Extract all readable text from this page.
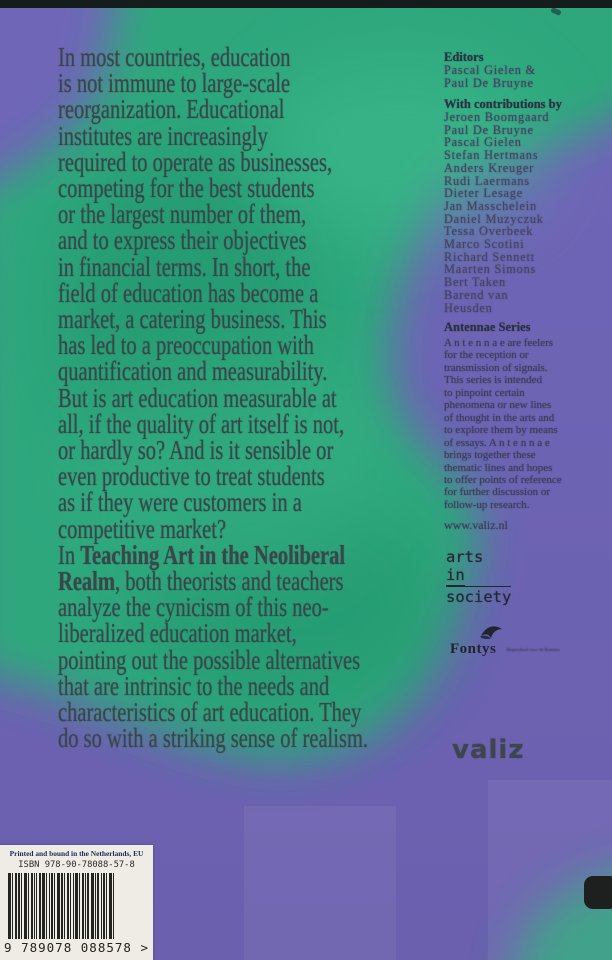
In most countries, education
is not immune to large-scale
reorganization. Educational
institutes are increasingly
required to operate as businesses,
competing for the best students
or the largest number of them,
and to express their objectives
in financial terms. In short, the
field of education has become a
market, a catering business. This
has led to a preoccupation with
quantification and measurability.
But is art education measurable at
all, if the quality of art itself is not,
or hardly so? And is it sensible or
even productive to treat students
as if they were customers in a
competitive market?
In Teaching Art in the Neoliberal
Realm, both theorists and teachers
analyze the cynicism of this neo-
liberalized education market,
pointing out the possible alternatives
that are intrinsic to the needs and
characteristics of art education. They
do so with a striking sense of realism.
Editors
Pascal Gielen &
Paul De Bruyne
With contributions by
Jeroen Boomgaard
Paul De Bruyne
Pascal Gielen
Stefan Hertmans
Anders Kreuger
Rudi Laermans
Dieter Lesage
Jan Masschelein
Daniel Muzyczuk
Tessa Overbeek
Marco Scotini
Richard Sennett
Maarten Simons
Bert Taken
Barend van
Heusden
Antennae Series
A n t e n n a e are feelers
for the reception or
transmission of signals.
This series is intended
to pinpoint certain
phenomena or new lines
of thought in the arts and
to explore them by means
of essays. A n t e n n a e
brings together these
thematic lines and hopes
to offer points of reference
for further discussion or
follow-up research.
www.valiz.nl
arts
in
society
Fontys Hogeschool voor de Kunsten
valiz
Printed and bound in the Netherlands, EU
ISBN 978-90-78088-57-8
9 789078 088578 >
